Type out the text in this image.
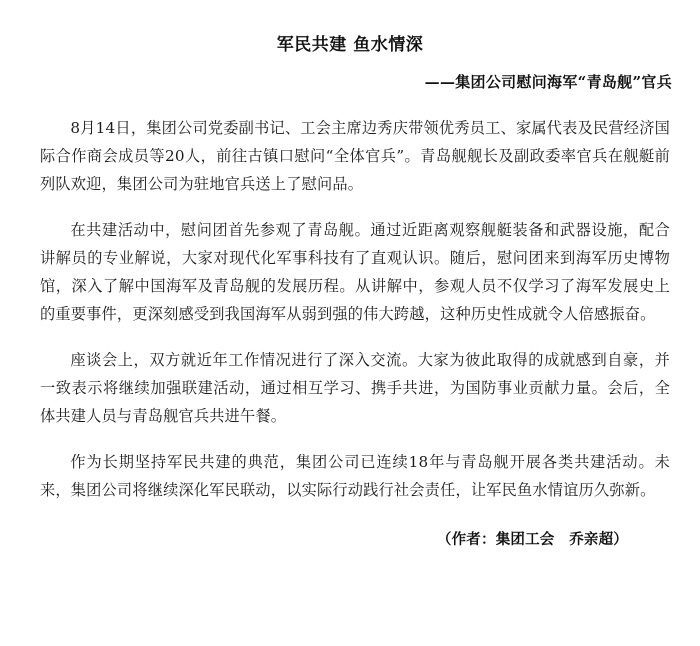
军民共建 鱼水情深
——集团公司慰问海军“青岛舰”官兵

8月14日，集团公司党委副书记、工会主席边秀庆带领优秀员工、家属代表及民营经济国际合作商会成员等20人，前往古镇口慰问“全体官兵”。青岛舰舰长及副政委率官兵在舰艇前列队欢迎，集团公司为驻地官兵送上了慰问品。

在共建活动中，慰问团首先参观了青岛舰。通过近距离观察舰艇装备和武器设施，配合讲解员的专业解说，大家对现代化军事科技有了直观认识。随后，慰问团来到海军历史博物馆，深入了解中国海军及青岛舰的发展历程。从讲解中，参观人员不仅学习了海军发展史上的重要事件，更深刻感受到我国海军从弱到强的伟大跨越，这种历史性成就令人倍感振奋。

座谈会上，双方就近年工作情况进行了深入交流。大家为彼此取得的成就感到自豪，并一致表示将继续加强联建活动，通过相互学习、携手共进，为国防事业贡献力量。会后，全体共建人员与青岛舰官兵共进午餐。

作为长期坚持军民共建的典范，集团公司已连续18年与青岛舰开展各类共建活动。未来，集团公司将继续深化军民联动，以实际行动践行社会责任，让军民鱼水情谊历久弥新。

（作者：集团工会　乔亲超）
